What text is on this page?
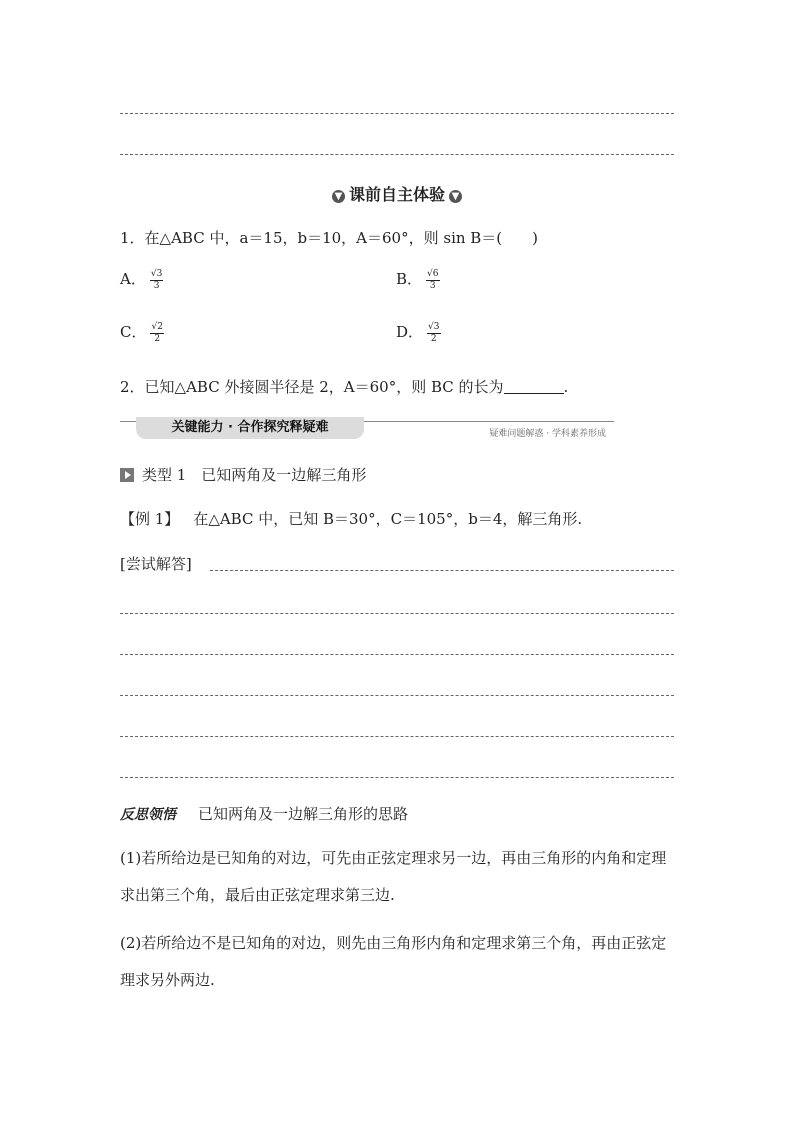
▼ 课前自主体验 ▼
1．在△ABC 中，a＝15，b＝10，A＝60°，则 sin B＝(　　)
A． $\frac{√3}{3}$	B． $\frac{√6}{3}$
C． $\frac{√2}{2}$	D． $\frac{√3}{2}$
2．已知△ABC 外接圆半径是 2，A＝60°，则 BC 的长为	.
关键能力 · 合作探究释疑难	疑难问题解惑 · 学科素养形成
类型 1　已知两角及一边解三角形
【例 1】 在△ABC 中，已知 B＝30°，C＝105°，b＝4，解三角形.
[尝试解答]
反思领悟 已知两角及一边解三角形的思路
(1)若所给边是已知角的对边，可先由正弦定理求另一边，再由三角形的内角和定理求出第三个角，最后由正弦定理求第三边.
(2)若所给边不是已知角的对边，则先由三角形内角和定理求第三个角，再由正弦定理求另外两边.
